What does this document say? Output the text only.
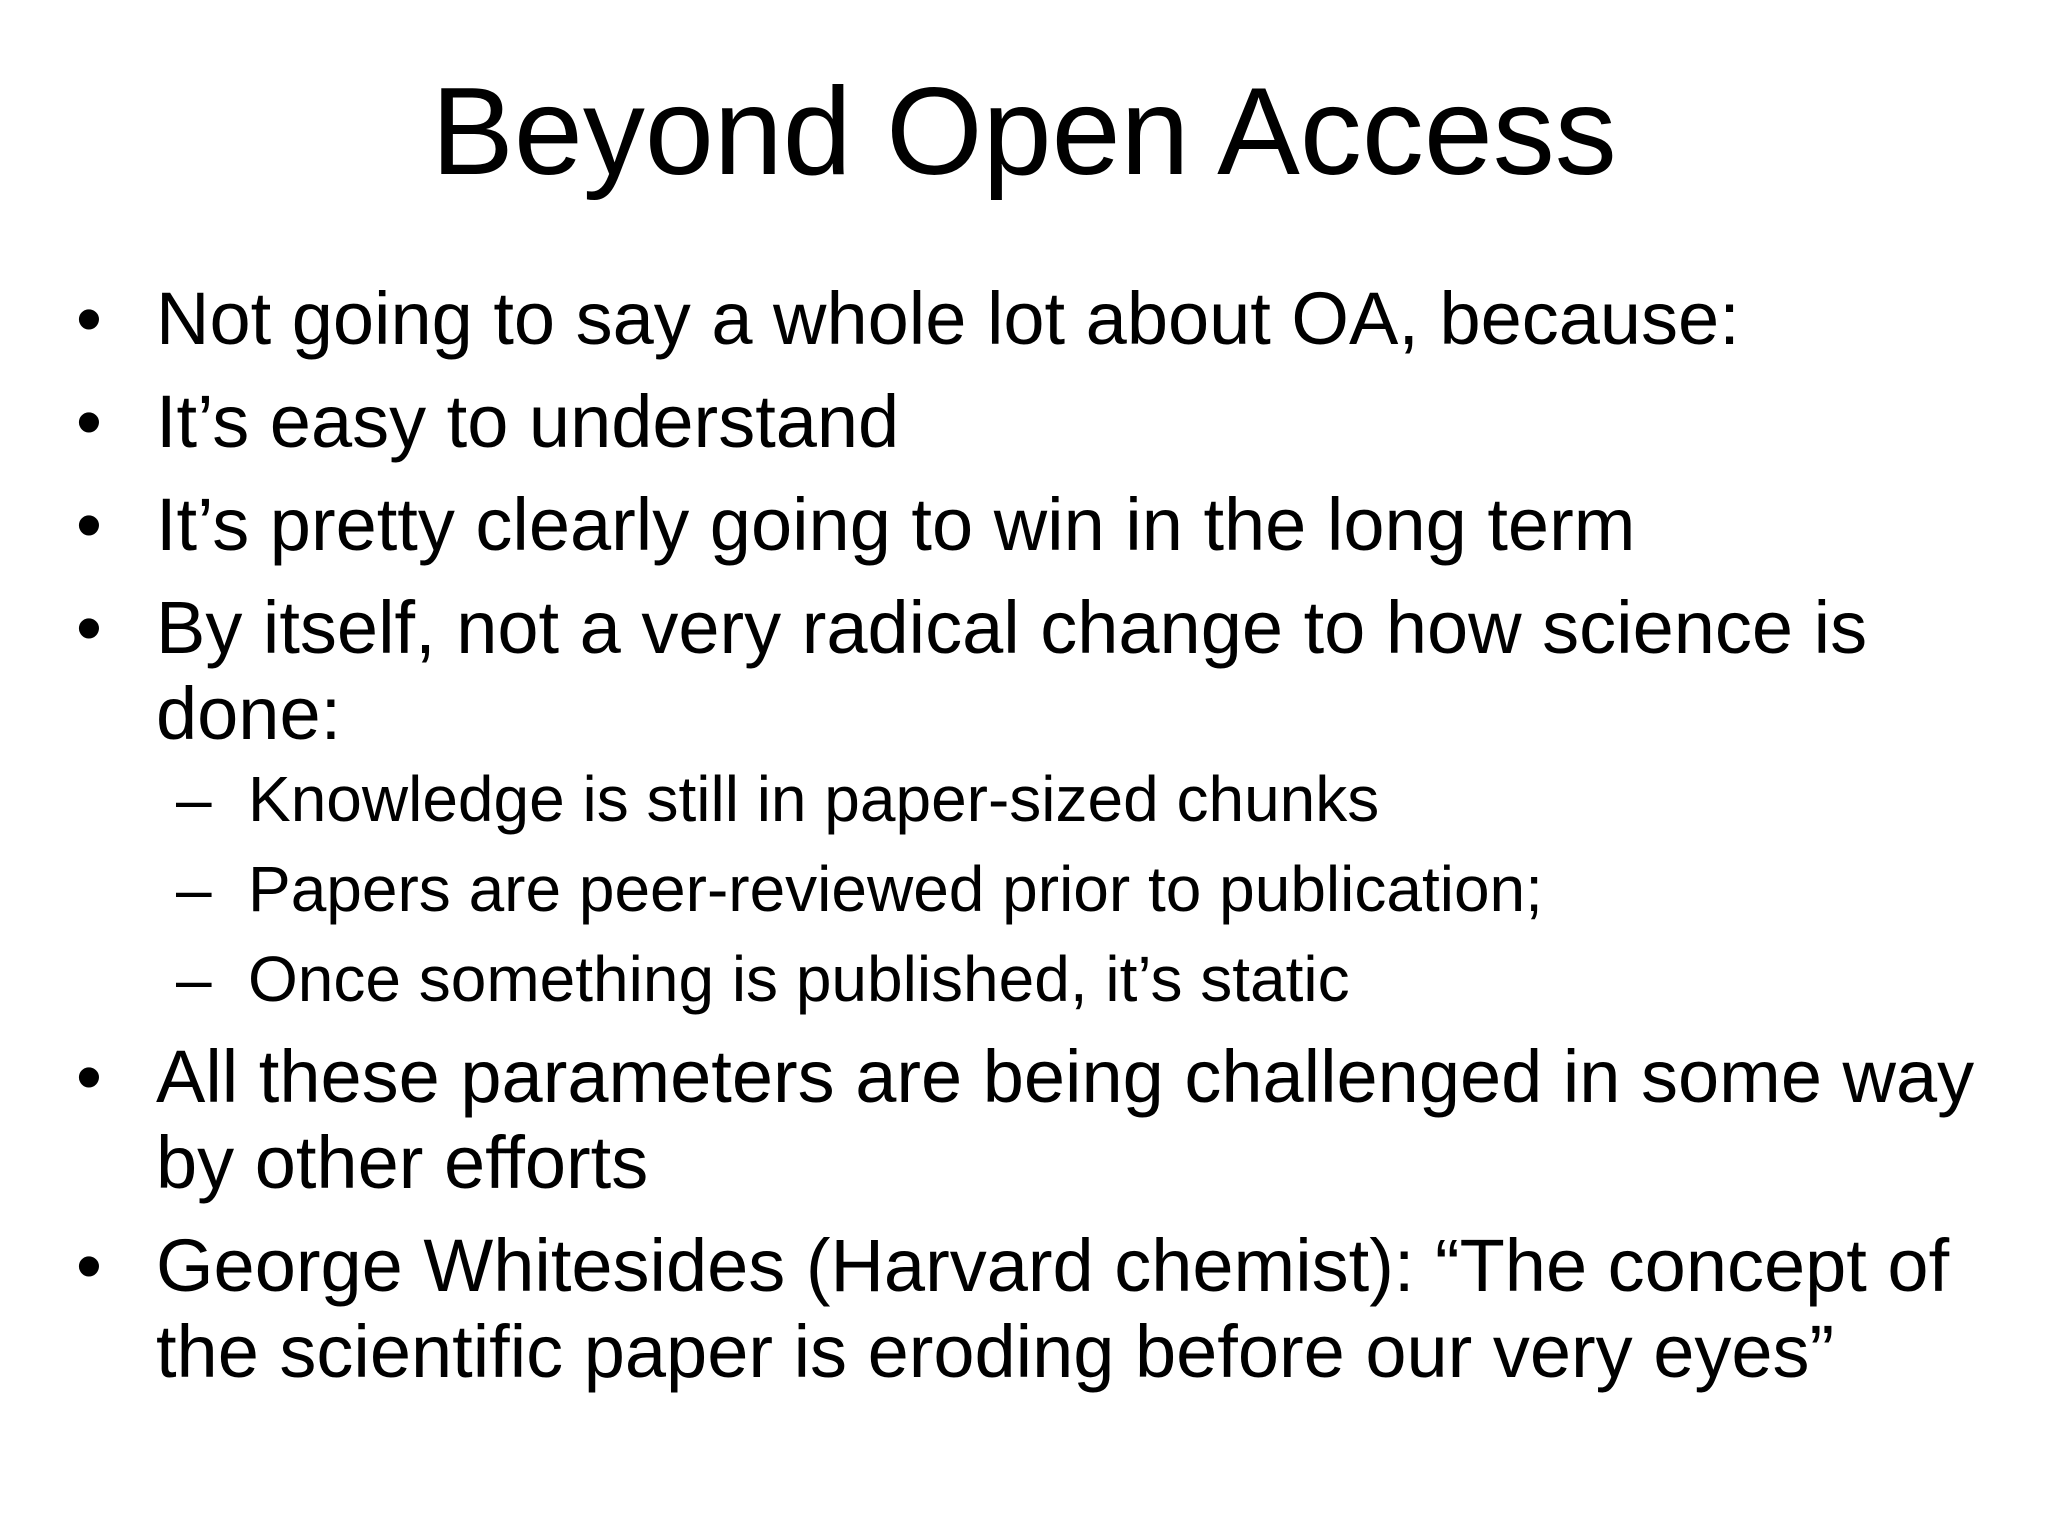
Beyond Open Access
• Not going to say a whole lot about OA, because:
• It’s easy to understand
• It’s pretty clearly going to win in the long term
• By itself, not a very radical change to how science is done:
– Knowledge is still in paper-sized chunks
– Papers are peer-reviewed prior to publication;
– Once something is published, it’s static
• All these parameters are being challenged in some way by other efforts
• George Whitesides (Harvard chemist): “The concept of the scientific paper is eroding before our very eyes”
